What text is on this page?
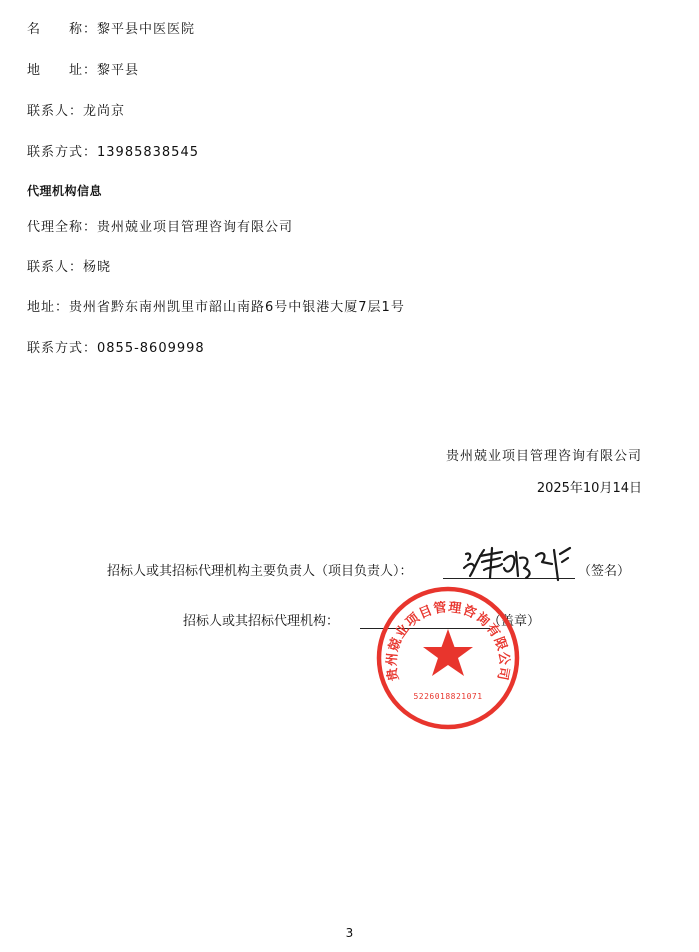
名　　称：黎平县中医医院
地　　址：黎平县
联系人：龙尚京
联系方式：13985838545
代理机构信息
代理全称：贵州兢业项目管理咨询有限公司
联系人：杨晓
地址：贵州省黔东南州凯里市韶山南路6号中银港大厦7层1号
联系方式：0855-8609998
贵州兢业项目管理咨询有限公司
2025年10月14日
招标人或其招标代理机构主要负责人（项目负责人）：	（签名）
招标人或其招标代理机构：	（盖章）
贵州兢业项目管理咨询有限公司
5226018821071
3
